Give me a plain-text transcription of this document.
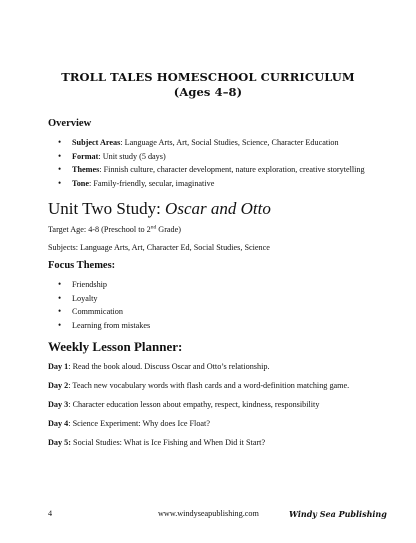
TROLL TALES HOMESCHOOL CURRICULUM
(Ages 4–8)
Overview
• Subject Areas: Language Arts, Art, Social Studies, Science, Character Education
• Format: Unit study (5 days)
• Themes: Finnish culture, character development, nature exploration, creative storytelling
• Tone: Family-friendly, secular, imaginative
Unit Two Study: Oscar and Otto
Target Age: 4-8 (Preschool to 2nd Grade)
Subjects: Language Arts, Art, Character Ed, Social Studies, Science
Focus Themes:
• Friendship
• Loyalty
• Commmication
• Learning from mistakes
Weekly Lesson Planner:
Day 1: Read the book aloud. Discuss Oscar and Otto’s relationship.
Day 2: Teach new vocabulary words with flash cards and a word-definition matching game.
Day 3: Character education lesson about empathy, respect, kindness, responsibility
Day 4: Science Experiment: Why does Ice Float?
Day 5: Social Studies: What is Ice Fishing and When Did it Start?
4	www.windyseapublishing.com	Windy Sea Publishing
